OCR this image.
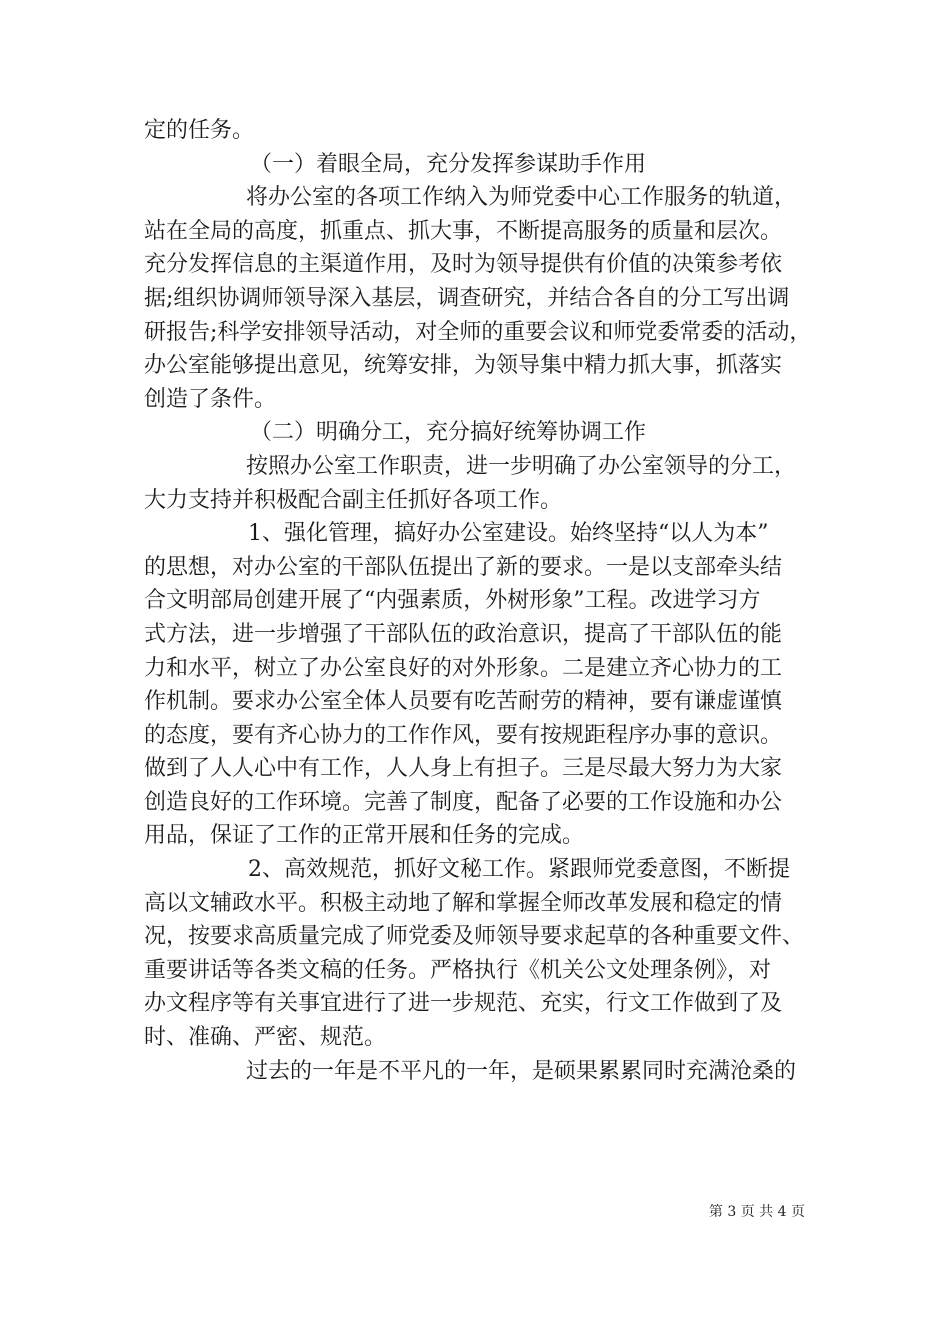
定的任务。
（一）着眼全局，充分发挥参谋助手作用
将办公室的各项工作纳入为师党委中心工作服务的轨道，
站在全局的高度，抓重点、抓大事，不断提高服务的质量和层次。
充分发挥信息的主渠道作用，及时为领导提供有价值的决策参考依
据;组织协调师领导深入基层，调查研究，并结合各自的分工写出调
研报告;科学安排领导活动，对全师的重要会议和师党委常委的活动，
办公室能够提出意见，统筹安排，为领导集中精力抓大事，抓落实
创造了条件。
（二）明确分工，充分搞好统筹协调工作
按照办公室工作职责，进一步明确了办公室领导的分工，
大力支持并积极配合副主任抓好各项工作。
1、强化管理，搞好办公室建设。始终坚持“以人为本”
的思想，对办公室的干部队伍提出了新的要求。一是以支部牵头结
合文明部局创建开展了“内强素质，外树形象”工程。改进学习方
式方法，进一步增强了干部队伍的政治意识，提高了干部队伍的能
力和水平，树立了办公室良好的对外形象。二是建立齐心协力的工
作机制。要求办公室全体人员要有吃苦耐劳的精神，要有谦虚谨慎
的态度，要有齐心协力的工作作风，要有按规距程序办事的意识。
做到了人人心中有工作，人人身上有担子。三是尽最大努力为大家
创造良好的工作环境。完善了制度，配备了必要的工作设施和办公
用品，保证了工作的正常开展和任务的完成。
2、高效规范，抓好文秘工作。紧跟师党委意图，不断提
高以文辅政水平。积极主动地了解和掌握全师改革发展和稳定的情
况，按要求高质量完成了师党委及师领导要求起草的各种重要文件、
重要讲话等各类文稿的任务。严格执行《机关公文处理条例》，对
办文程序等有关事宜进行了进一步规范、充实，行文工作做到了及
时、准确、严密、规范。
过去的一年是不平凡的一年，是硕果累累同时充满沧桑的
第 3 页 共 4 页
